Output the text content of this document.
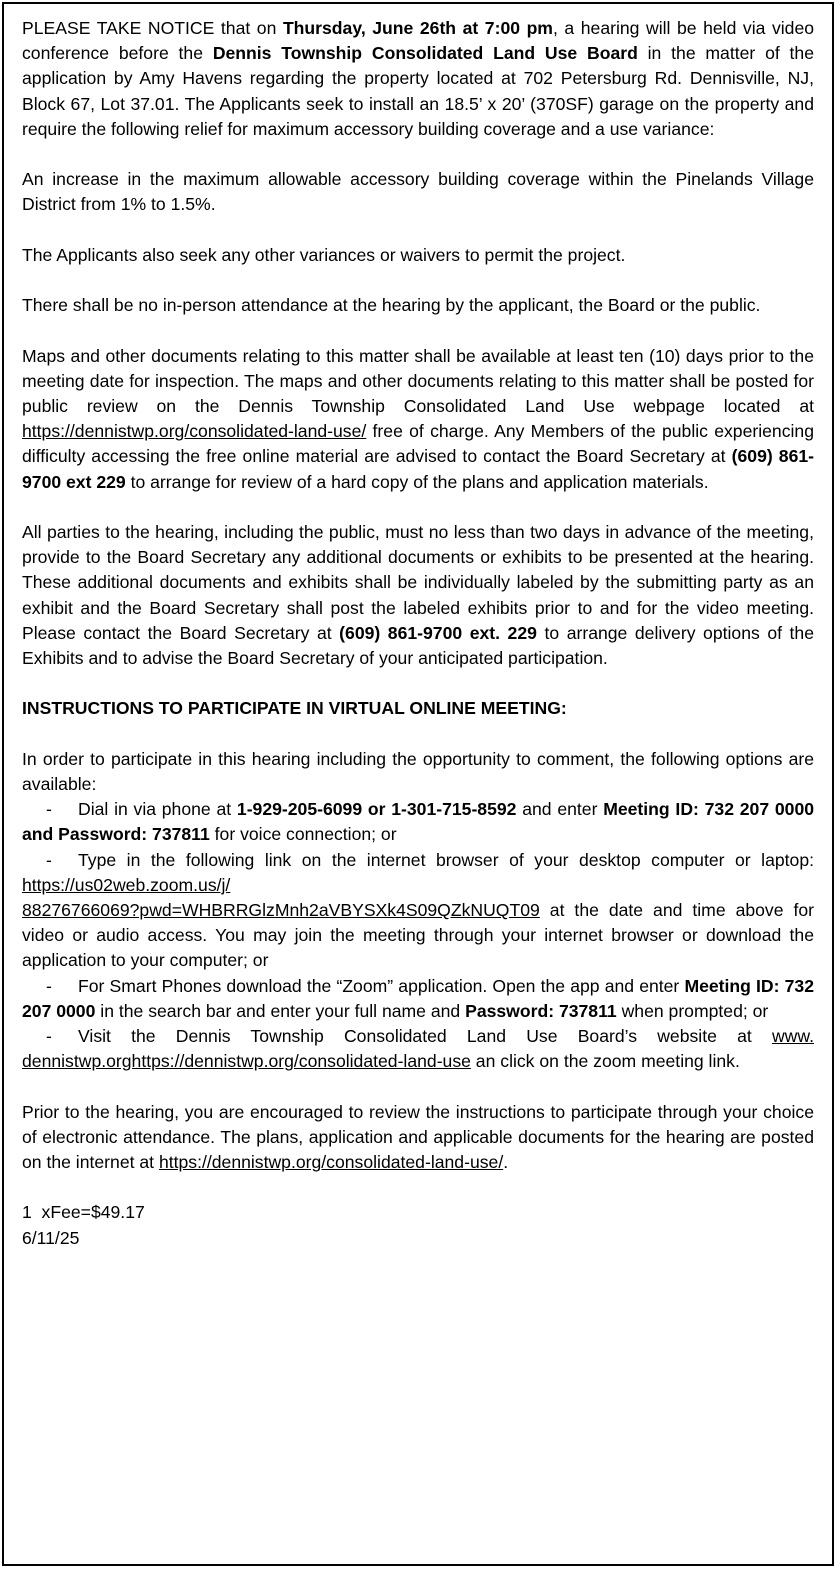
PLEASE TAKE NOTICE that on Thursday, June 26th at 7:00 pm, a hearing will be held via video conference before the Dennis Township Consolidated Land Use Board in the matter of the application by Amy Havens regarding the property located at 702 Petersburg Rd. Dennisville, NJ, Block 67, Lot 37.01. The Applicants seek to install an 18.5’ x 20’ (370SF) garage on the property and require the following relief for maximum accessory building coverage and a use variance:

An increase in the maximum allowable accessory building coverage within the Pinelands Village District from 1% to 1.5%.

The Applicants also seek any other variances or waivers to permit the project.

There shall be no in-person attendance at the hearing by the applicant, the Board or the public.

Maps and other documents relating to this matter shall be available at least ten (10) days prior to the meeting date for inspection. The maps and other documents relating to this matter shall be posted for public review on the Dennis Township Consolidated Land Use webpage located at https://dennistwp.org/consolidated-land-use/ free of charge. Any Members of the public experiencing difficulty accessing the free online material are advised to contact the Board Secretary at (609) 861-9700 ext 229 to arrange for review of a hard copy of the plans and application materials.

All parties to the hearing, including the public, must no less than two days in advance of the meeting, provide to the Board Secretary any additional documents or exhibits to be presented at the hearing. These additional documents and exhibits shall be individually labeled by the submitting party as an exhibit and the Board Secretary shall post the labeled exhibits prior to and for the video meeting. Please contact the Board Secretary at (609) 861-9700 ext. 229 to arrange delivery options of the Exhibits and to advise the Board Secretary of your anticipated participation.

INSTRUCTIONS TO PARTICIPATE IN VIRTUAL ONLINE MEETING:

In order to participate in this hearing including the opportunity to comment, the following options are available:

- Dial in via phone at 1-929-205-6099 or 1-301-715-8592 and enter Meeting ID: 732 207 0000 and Password: 737811 for voice connection; or
- Type in the following link on the internet browser of your desktop computer or laptop: https://us02web.zoom.us/j/
88276766069?pwd=WHBRRGlzMnh2aVBYSXk4S09QZkNUQT09 at the date and time above for video or audio access. You may join the meeting through your internet browser or download the application to your computer; or
- For Smart Phones download the “Zoom” application. Open the app and enter Meeting ID: 732 207 0000 in the search bar and enter your full name and Password: 737811 when prompted; or

- Visit the Dennis Township Consolidated Land Use Board’s website at www. dennistwp.orghttps://dennistwp.org/consolidated-land-use an click on the zoom meeting link.

Prior to the hearing, you are encouraged to review the instructions to participate through your choice of electronic attendance. The plans, application and applicable documents for the hearing are posted on the internet at https://dennistwp.org/consolidated-land-use/.

1  xFee=$49.17
6/11/25
